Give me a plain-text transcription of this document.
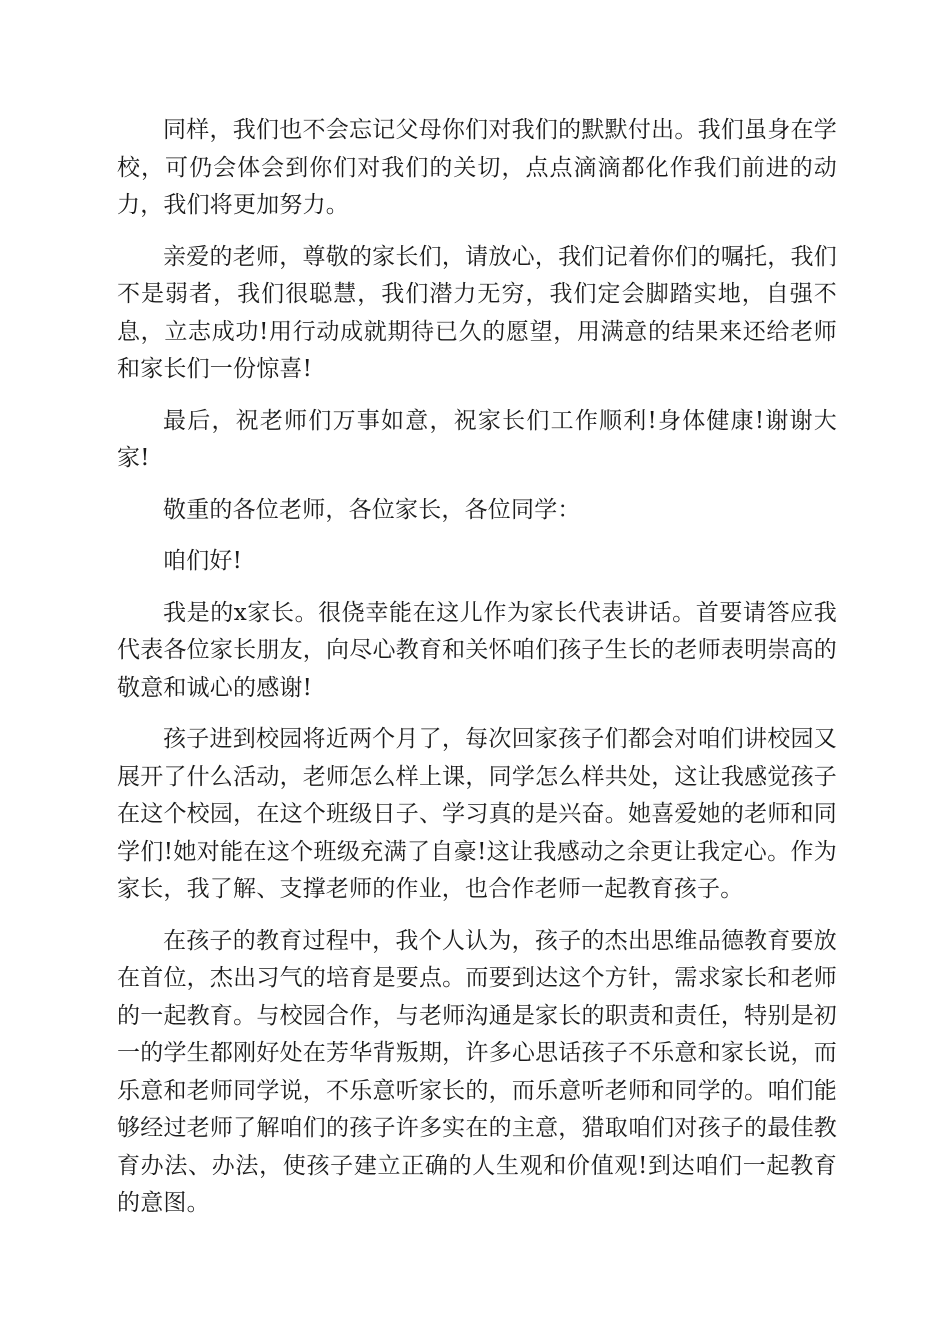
同样，我们也不会忘记父母你们对我们的默默付出。我们虽身在学校，可仍会体会到你们对我们的关切，点点滴滴都化作我们前进的动力，我们将更加努力。

亲爱的老师，尊敬的家长们，请放心，我们记着你们的嘱托，我们不是弱者，我们很聪慧，我们潜力无穷，我们定会脚踏实地，自强不息，立志成功!用行动成就期待已久的愿望，用满意的结果来还给老师和家长们一份惊喜!

最后，祝老师们万事如意，祝家长们工作顺利!身体健康!谢谢大家!

敬重的各位老师，各位家长，各位同学：

咱们好!

我是的x家长。很侥幸能在这儿作为家长代表讲话。首要请答应我代表各位家长朋友，向尽心教育和关怀咱们孩子生长的老师表明崇高的敬意和诚心的感谢!

孩子进到校园将近两个月了，每次回家孩子们都会对咱们讲校园又展开了什么活动，老师怎么样上课，同学怎么样共处，这让我感觉孩子在这个校园，在这个班级日子、学习真的是兴奋。她喜爱她的老师和同学们!她对能在这个班级充满了自豪!这让我感动之余更让我定心。作为家长，我了解、支撑老师的作业，也合作老师一起教育孩子。

在孩子的教育过程中，我个人认为，孩子的杰出思维品德教育要放在首位，杰出习气的培育是要点。而要到达这个方针，需求家长和老师的一起教育。与校园合作，与老师沟通是家长的职责和责任，特别是初一的学生都刚好处在芳华背叛期，许多心思话孩子不乐意和家长说，而乐意和老师同学说，不乐意听家长的，而乐意听老师和同学的。咱们能够经过老师了解咱们的孩子许多实在的主意，猎取咱们对孩子的最佳教育办法、办法，使孩子建立正确的人生观和价值观!到达咱们一起教育的意图。
